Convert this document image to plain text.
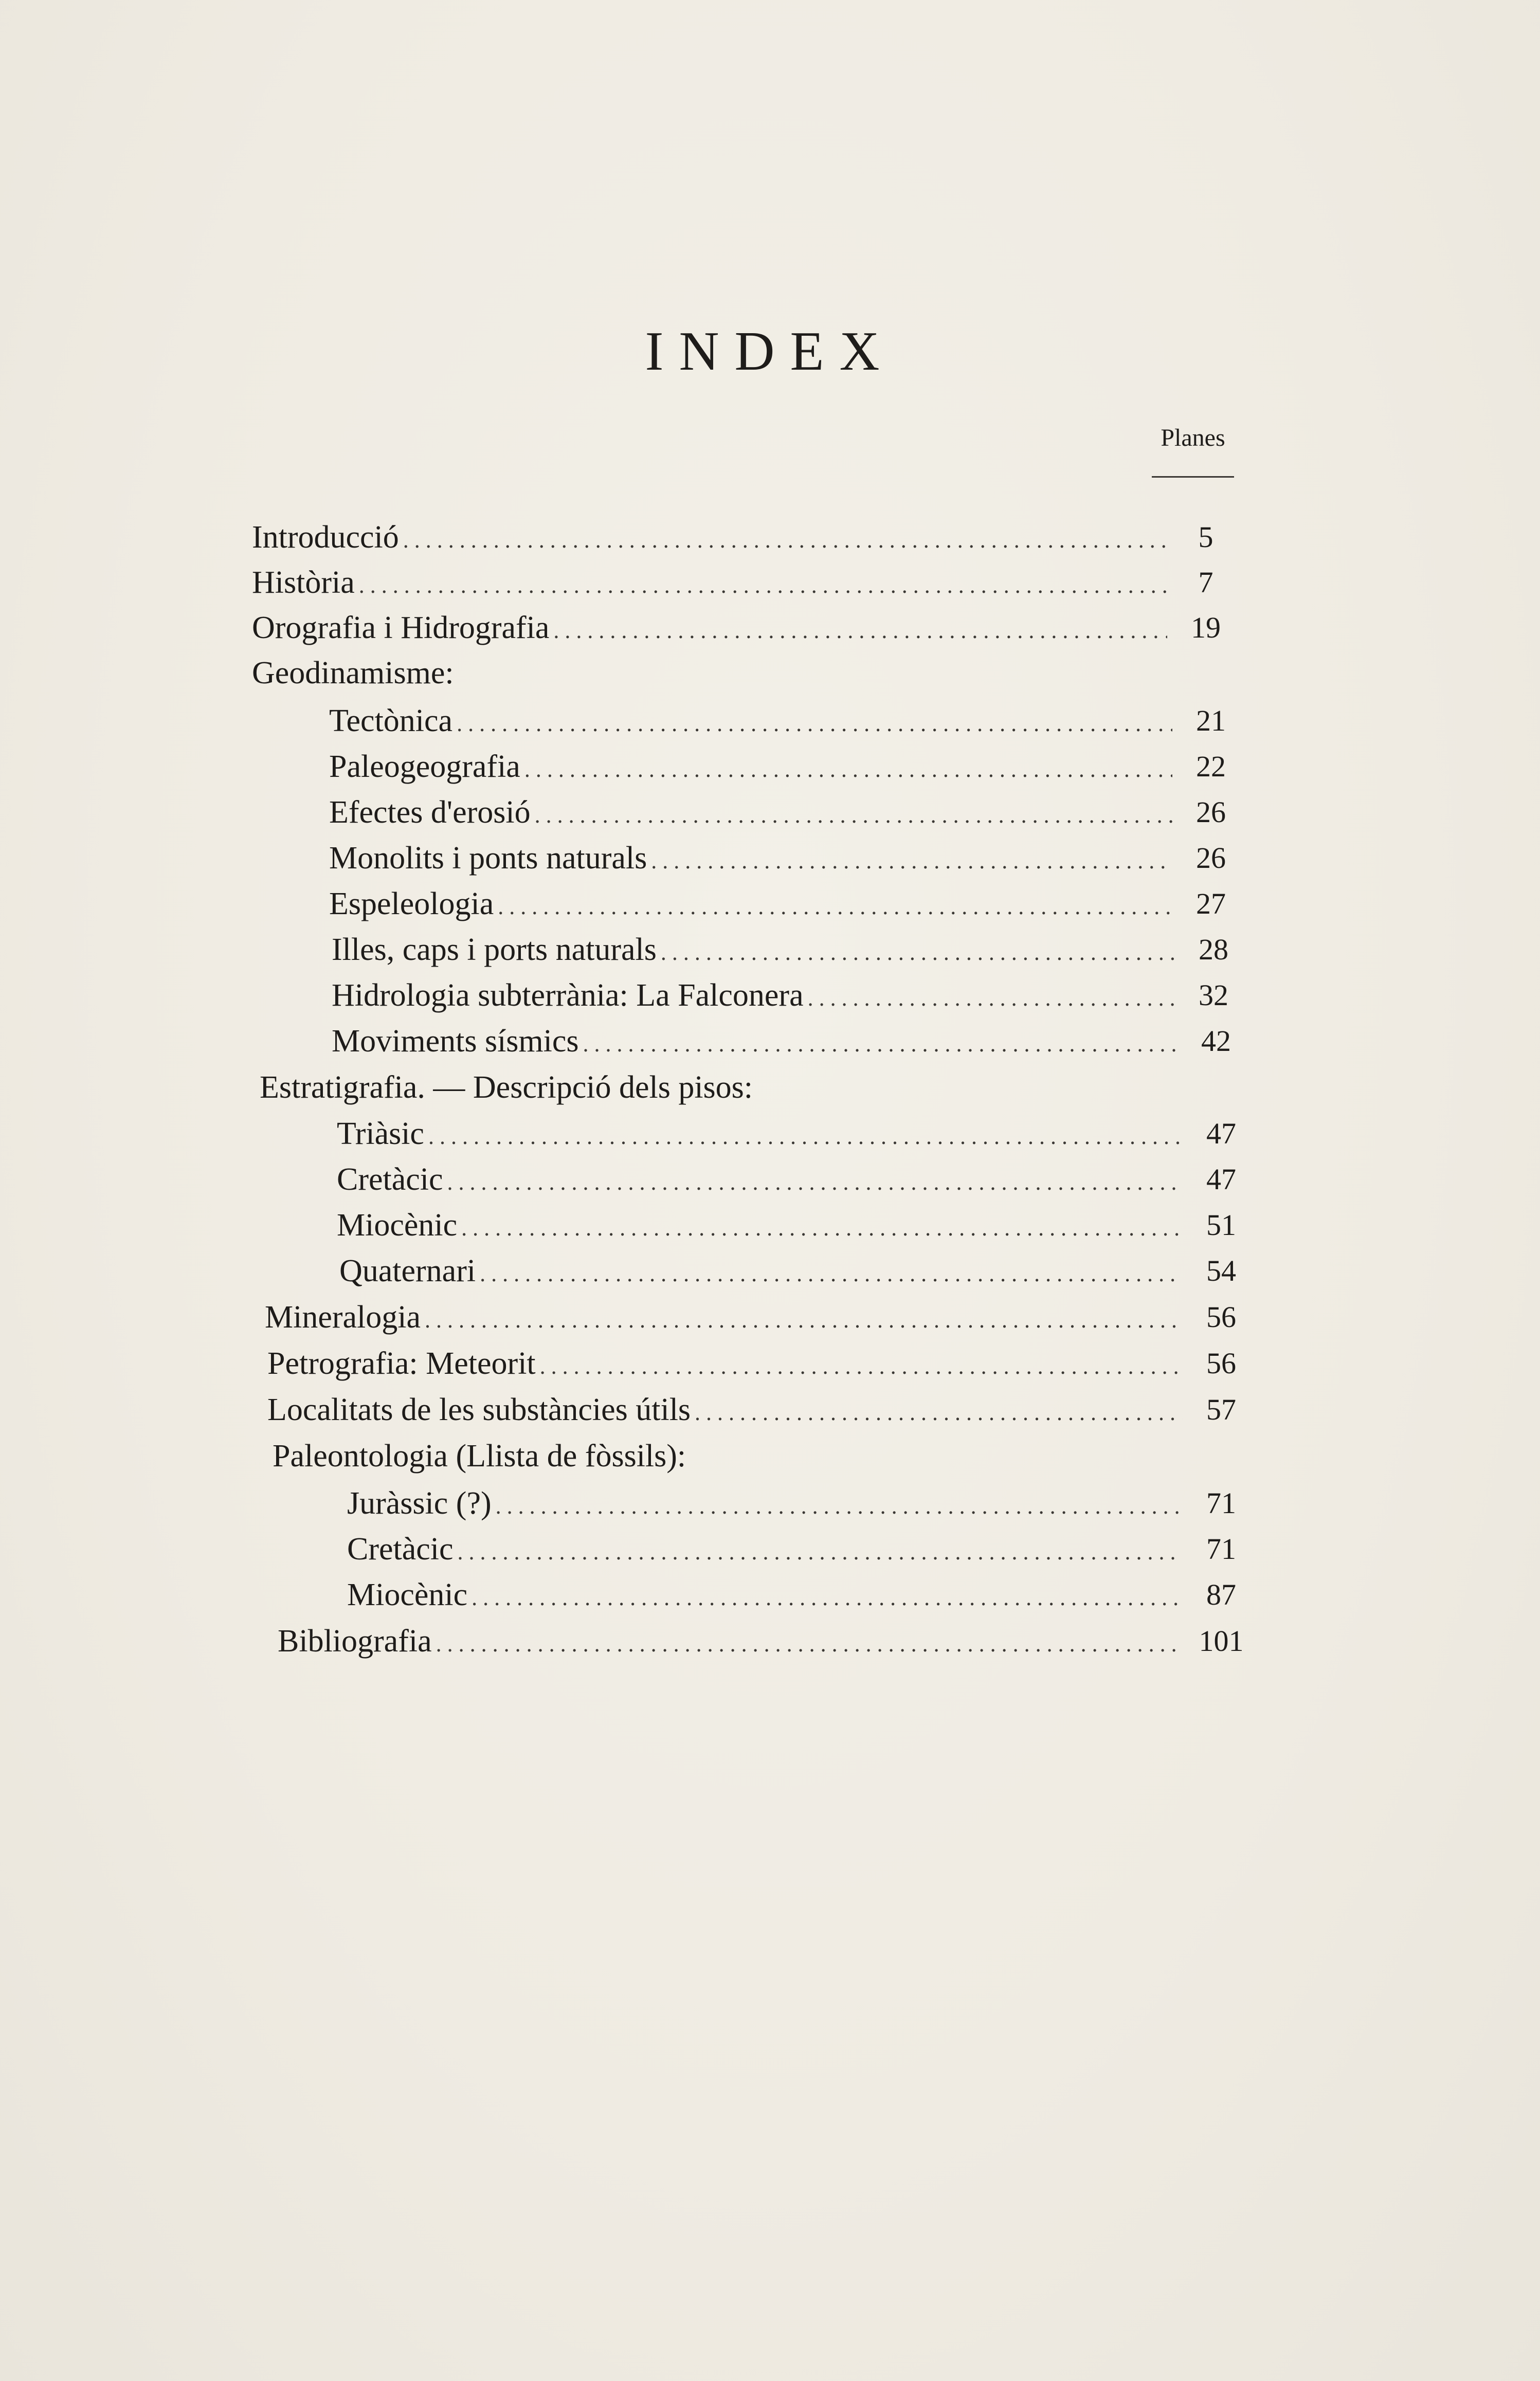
INDEX
Planes
Introducció . . .	5
Història . . .	7
Orografia i Hidrografia . . .	19
Geodinamisme:
Tectònica . . .	21
Paleogeografia . . .	22
Efectes d'erosió . . .	26
Monolits i ponts naturals . . .	26
Espeleologia . . .	27
Illes, caps i ports naturals . . .	28
Hidrologia subterrània: La Falconera . . .	32
Moviments sísmics . . .	42
Estratigrafia. — Descripció dels pisos:
Triàsic . . .	47
Cretàcic . . .	47
Miocènic . . .	51
Quaternari . . .	54
Mineralogia . . .	56
Petrografia: Meteorit . . .	56
Localitats de les substàncies útils . . .	57
Paleontologia (Llista de fòssils):
Juràssic (?) . . .	71
Cretàcic . . .	71
Miocènic . . .	87
Bibliografia . . .	101
